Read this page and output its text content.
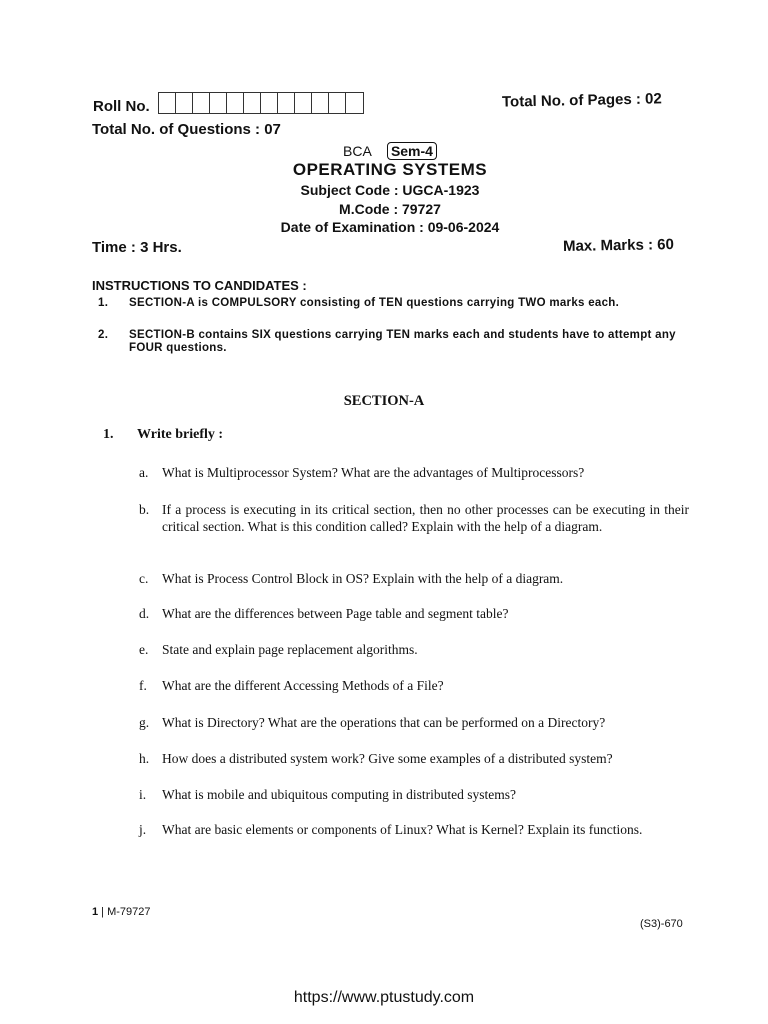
Roll No.	Total No. of Pages : 02
Total No. of Questions : 07
BCA Sem-4
OPERATING SYSTEMS
Subject Code : UGCA-1923
M.Code : 79727
Date of Examination : 09-06-2024
Time : 3 Hrs.	Max. Marks : 60
INSTRUCTIONS TO CANDIDATES :
1. SECTION-A is COMPULSORY consisting of TEN questions carrying TWO marks each.
2. SECTION-B contains SIX questions carrying TEN marks each and students have to attempt any FOUR questions.
SECTION-A
1. Write briefly :
a.	What is Multiprocessor System? What are the advantages of Multiprocessors?
b. If a process is executing in its critical section, then no other processes can be executing in their critical section. What is this condition called? Explain with the help of a diagram.
c.	What is Process Control Block in OS? Explain with the help of a diagram.
d. What are the differences between Page table and segment table?
e.	State and explain page replacement algorithms.
f.	What are the different Accessing Methods of a File?
g. What is Directory? What are the operations that can be performed on a Directory?
h. How does a distributed system work? Give some examples of a distributed system?
i.	What is mobile and ubiquitous computing in distributed systems?
j.	What are basic elements or components of Linux? What is Kernel? Explain its functions.
1 | M-79727
(S3)-670
https://www.ptustudy.com
